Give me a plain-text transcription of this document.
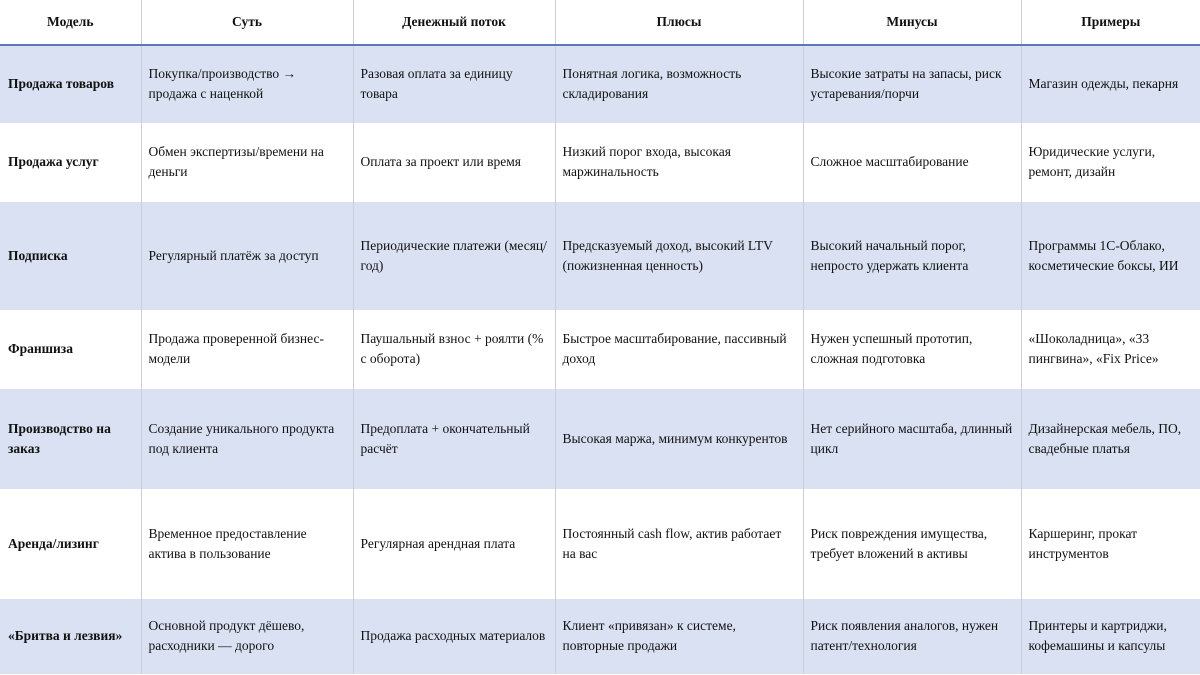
Модель	Суть	Денежный поток	Плюсы	Минусы	Примеры
Продажа товаров	Покупка/производство → продажа с наценкой	Разовая оплата за единицу товара	Понятная логика, возможность складирования	Высокие затраты на запасы, риск устаревания/порчи	Магазин одежды, пекарня
Продажа услуг	Обмен экспертизы/времени на деньги	Оплата за проект или время	Низкий порог входа, высокая маржинальность	Сложное масштабирование	Юридические услуги, ремонт, дизайн
Подписка	Регулярный платёж за доступ	Периодические платежи (месяц/год)	Предсказуемый доход, высокий LTV (пожизненная ценность)	Высокий начальный порог, непросто удержать клиента	Программы 1С-Облако, косметические боксы, ИИ
Франшиза	Продажа проверенной бизнес-модели	Паушальный взнос + роялти (% с оборота)	Быстрое масштабирование, пассивный доход	Нужен успешный прототип, сложная подготовка	«Шоколадница», «33 пингвина», «Fix Price»
Производство на заказ	Создание уникального продукта под клиента	Предоплата + окончательный расчёт	Высокая маржа, минимум конкурентов	Нет серийного масштаба, длинный цикл	Дизайнерская мебель, ПО, свадебные платья
Аренда/лизинг	Временное предоставление актива в пользование	Регулярная арендная плата	Постоянный cash flow, актив работает на вас	Риск повреждения имущества, требует вложений в активы	Каршеринг, прокат инструментов
«Бритва и лезвия»	Основной продукт дёшево, расходники — дорого	Продажа расходных материалов	Клиент «привязан» к системе, повторные продажи	Риск появления аналогов, нужен патент/технология	Принтеры и картриджи, кофемашины и капсулы
